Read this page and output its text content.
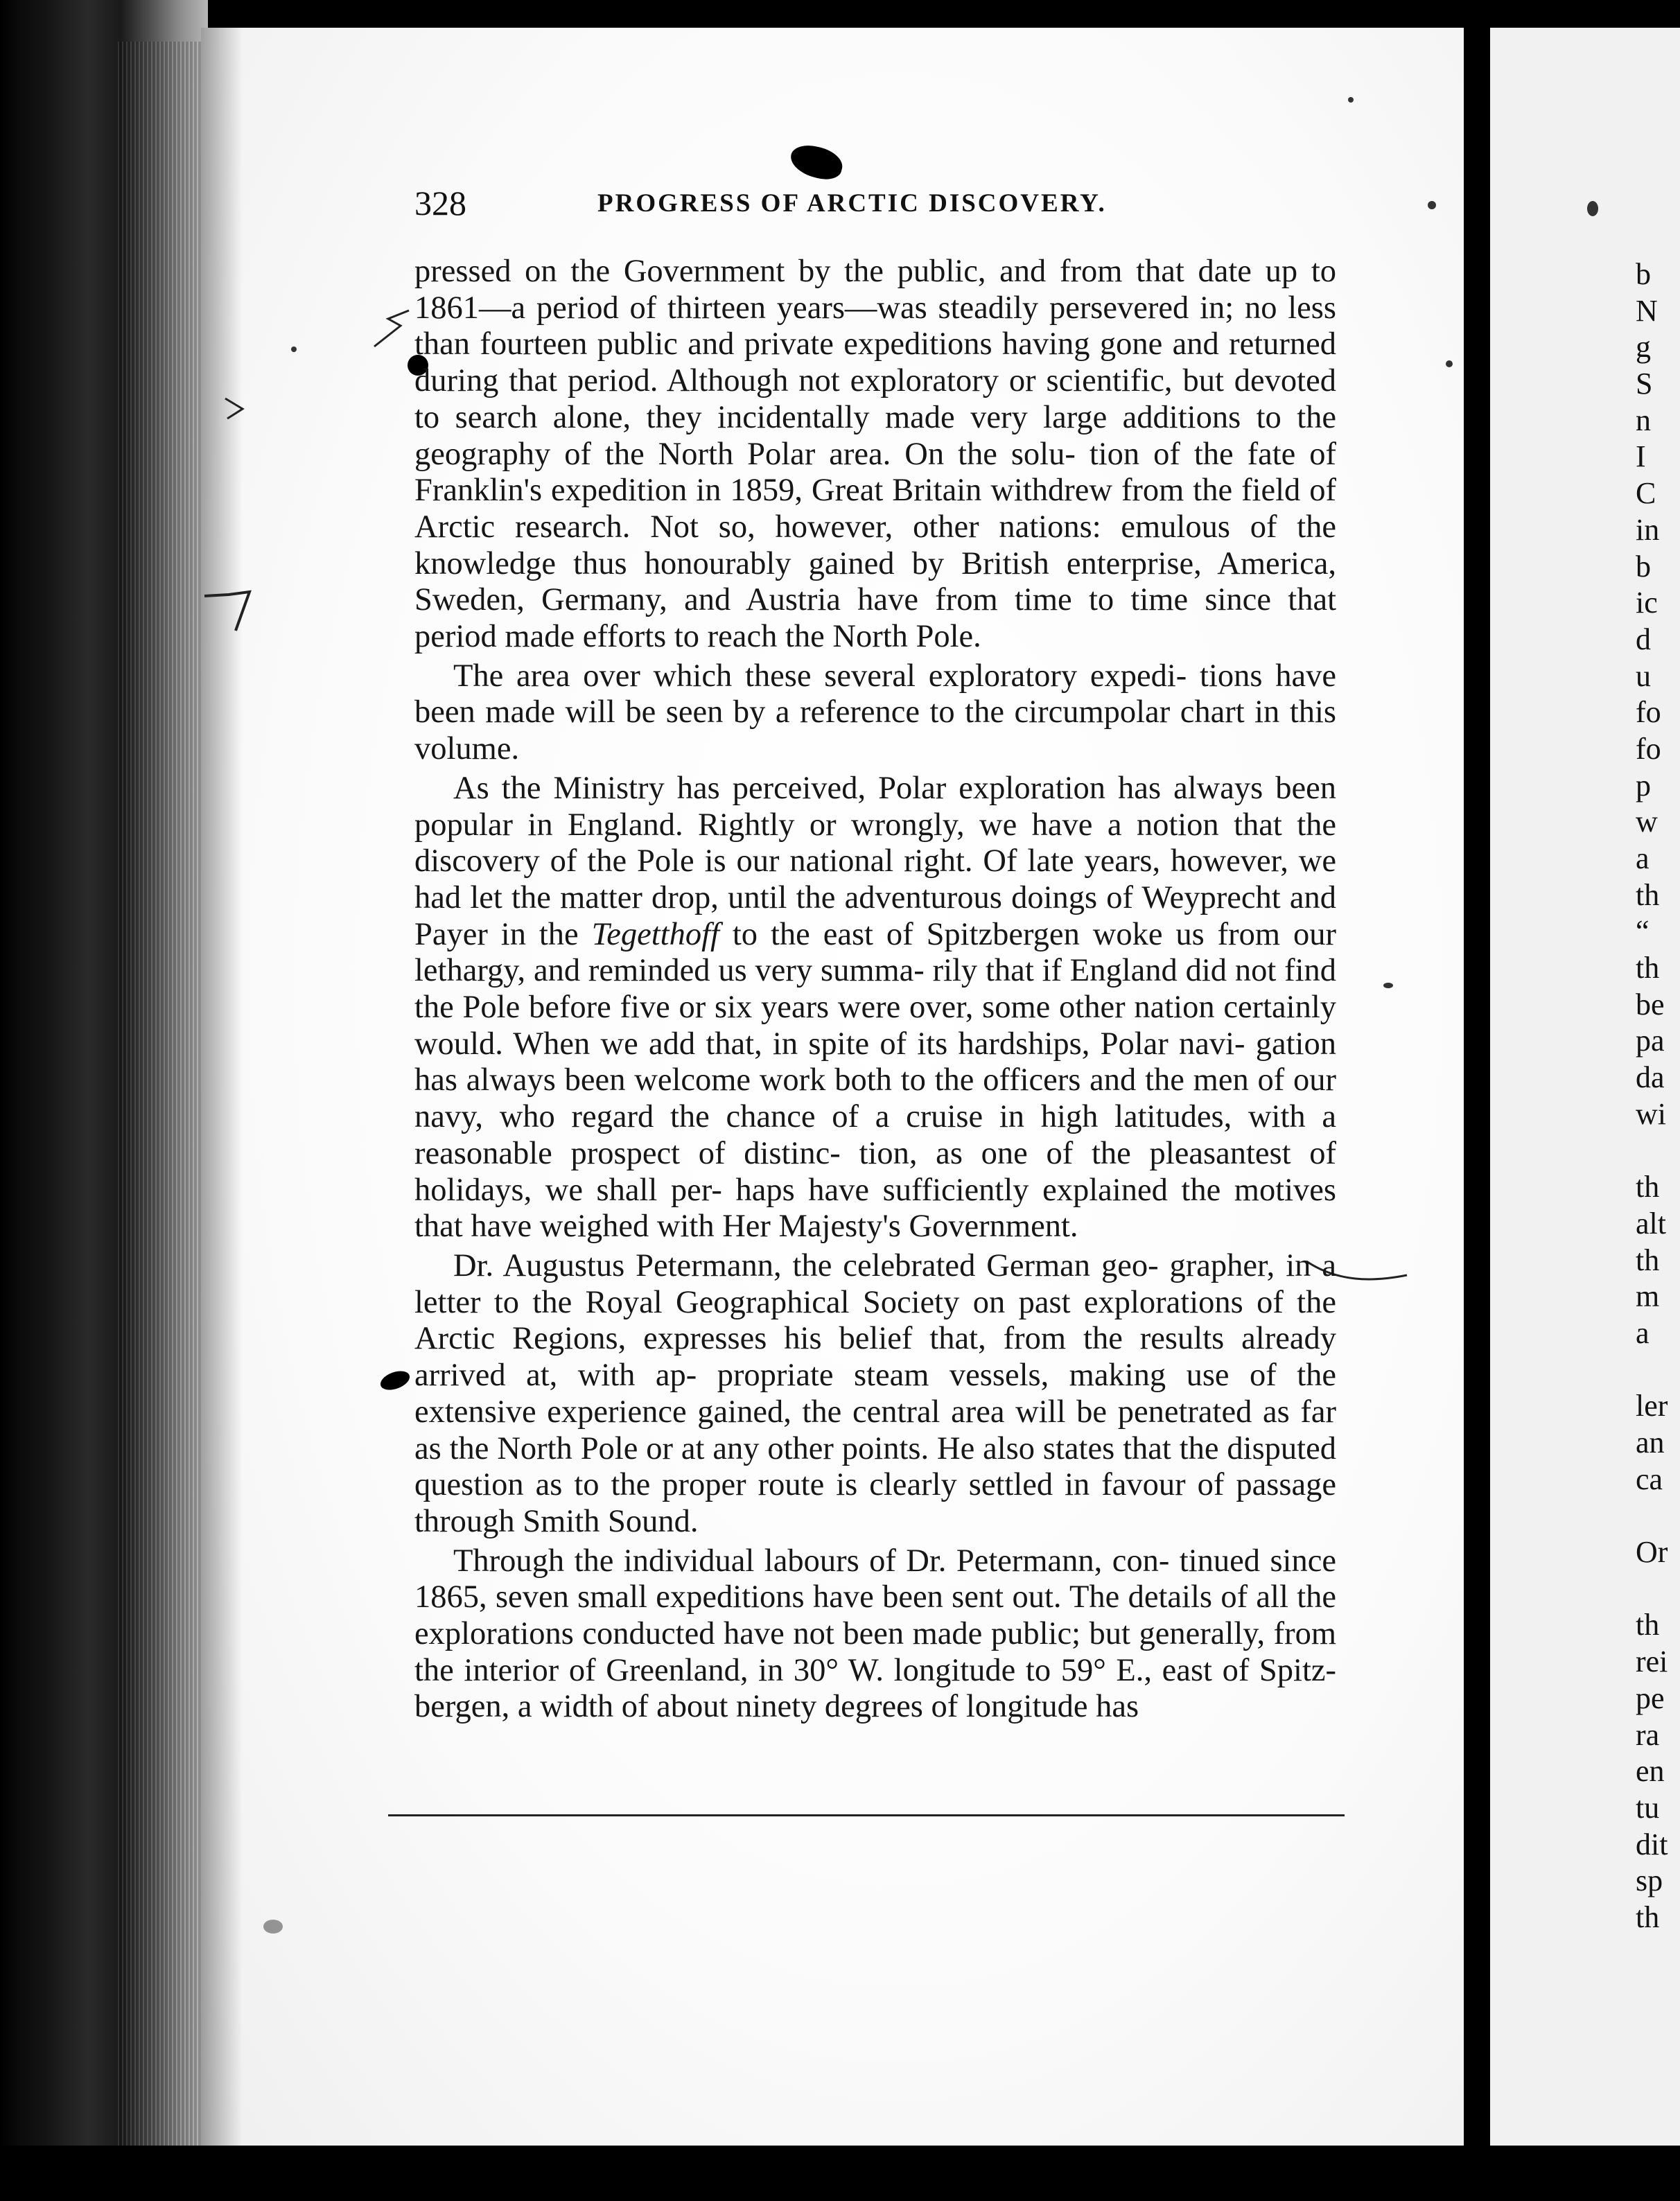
328	PROGRESS OF ARCTIC DISCOVERY.

pressed on the Government by the public, and from that date up to 1861—a period of thirteen years—was steadily persevered in; no less than fourteen public and private expeditions having gone and returned during that period. Although not exploratory or scientific, but devoted to search alone, they incidentally made very large additions to the geography of the North Polar area. On the solu- tion of the fate of Franklin's expedition in 1859, Great Britain withdrew from the field of Arctic research. Not so, however, other nations: emulous of the knowledge thus honourably gained by British enterprise, America, Sweden, Germany, and Austria have from time to time since that period made efforts to reach the North Pole.

The area over which these several exploratory expedi- tions have been made will be seen by a reference to the circumpolar chart in this volume.

As the Ministry has perceived, Polar exploration has always been popular in England. Rightly or wrongly, we have a notion that the discovery of the Pole is our national right. Of late years, however, we had let the matter drop, until the adventurous doings of Weyprecht and Payer in the Tegetthoff to the east of Spitzbergen woke us from our lethargy, and reminded us very summa- rily that if England did not find the Pole before five or six years were over, some other nation certainly would. When we add that, in spite of its hardships, Polar navi- gation has always been welcome work both to the officers and the men of our navy, who regard the chance of a cruise in high latitudes, with a reasonable prospect of distinc- tion, as one of the pleasantest of holidays, we shall per- haps have sufficiently explained the motives that have weighed with Her Majesty's Government.

Dr. Augustus Petermann, the celebrated German geo- grapher, in a letter to the Royal Geographical Society on past explorations of the Arctic Regions, expresses his belief that, from the results already arrived at, with ap- propriate steam vessels, making use of the extensive experience gained, the central area will be penetrated as far as the North Pole or at any other points. He also states that the disputed question as to the proper route is clearly settled in favour of passage through Smith Sound.

Through the individual labours of Dr. Petermann, con- tinued since 1865, seven small expeditions have been sent out. The details of all the explorations conducted have not been made public; but generally, from the interior of Greenland, in 30° W. longitude to 59° E., east of Spitz- bergen, a width of about ninety degrees of longitude has

b
N
g
S
n
I
C
in
b
ic
d
u
fo
fo
p
w
a
th
“
th
be
pa
da
wi
th
alt
th
m
a
ler
an
ca
Or
th
rei
pe
ra
en
tu
dit
sp
th
